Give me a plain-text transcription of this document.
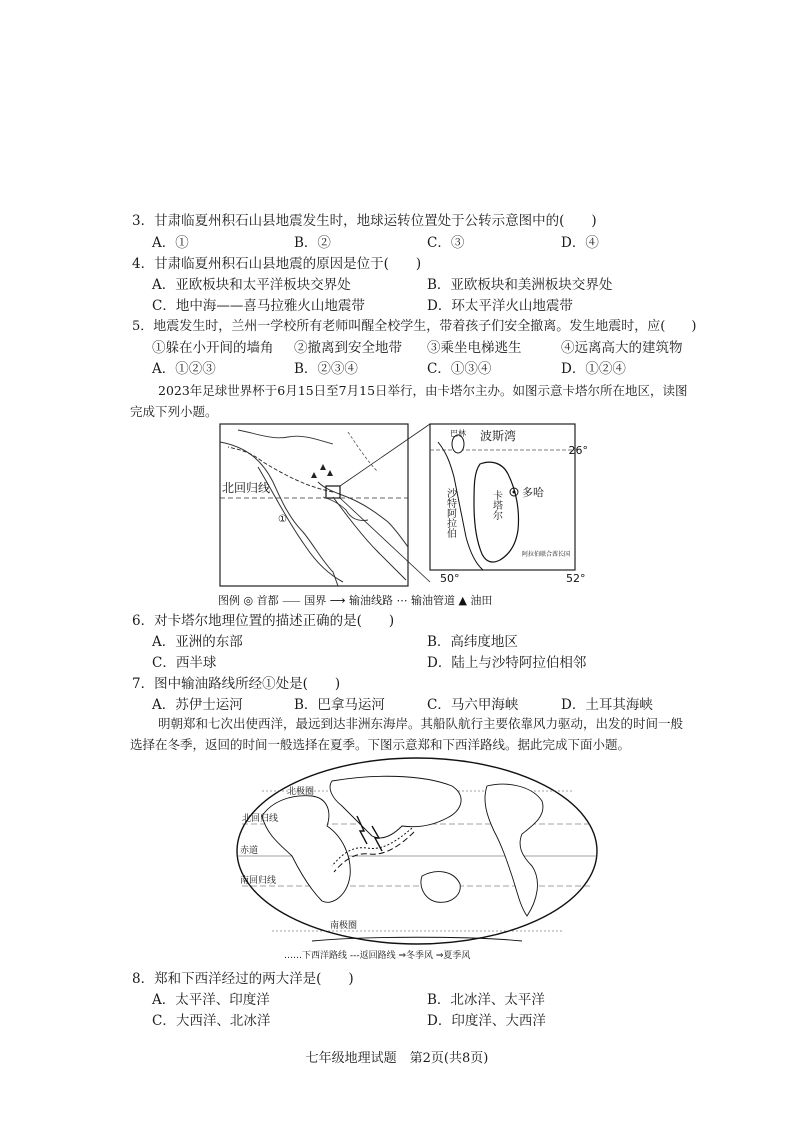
3．甘肃临夏州积石山县地震发生时，地球运转位置处于公转示意图中的(　　)
A．①	B．②	C．③	D．④
4．甘肃临夏州积石山县地震的原因是位于(　　)
A．亚欧板块和太平洋板块交界处	B．亚欧板块和美洲板块交界处
C．地中海——喜马拉雅火山地震带	D．环太平洋火山地震带
5．地震发生时，兰州一学校所有老师叫醒全校学生，带着孩子们安全撤离。发生地震时，应(　　)
①躲在小开间的墙角 ②撤离到安全地带 ③乘坐电梯逃生	④远离高大的建筑物
A．①②③	B．②③④	C．①③④	D．①②④
2023年足球世界杯于6月15日至7月15日举行，由卡塔尔主办。如图示意卡塔尔所在地区，读图完成下列小题。
北回归线
①
波斯湾
26°
巴林
沙特阿拉伯	卡塔尔 多哈
阿拉伯联合酋长国
50°	52°
图例 ◎ 首都 ⸺ 国界 ⟶ 输油线路 ⋯ 输油管道 ▲ 油田
6．对卡塔尔地理位置的描述正确的是(　　)
A．亚洲的东部	B．高纬度地区
C．西半球	D．陆上与沙特阿拉伯相邻
7．图中输油路线所经①处是(　　)
A．苏伊士运河	B．巴拿马运河	C．马六甲海峡	D．土耳其海峡
明朝郑和七次出使西洋，最远到达非洲东海岸。其船队航行主要依靠风力驱动，出发的时间一般选择在冬季，返回的时间一般选择在夏季。下图示意郑和下西洋路线。据此完成下面小题。
北极圈
北回归线
赤道
南回归线
南极圈
……下西洋路线 ---返回路线 ⇒冬季风 ⇒夏季风
8．郑和下西洋经过的两大洋是(　　)
A．太平洋、印度洋	B．北冰洋、太平洋
C．大西洋、北冰洋	D．印度洋、大西洋
七年级地理试题　第2页(共8页)
